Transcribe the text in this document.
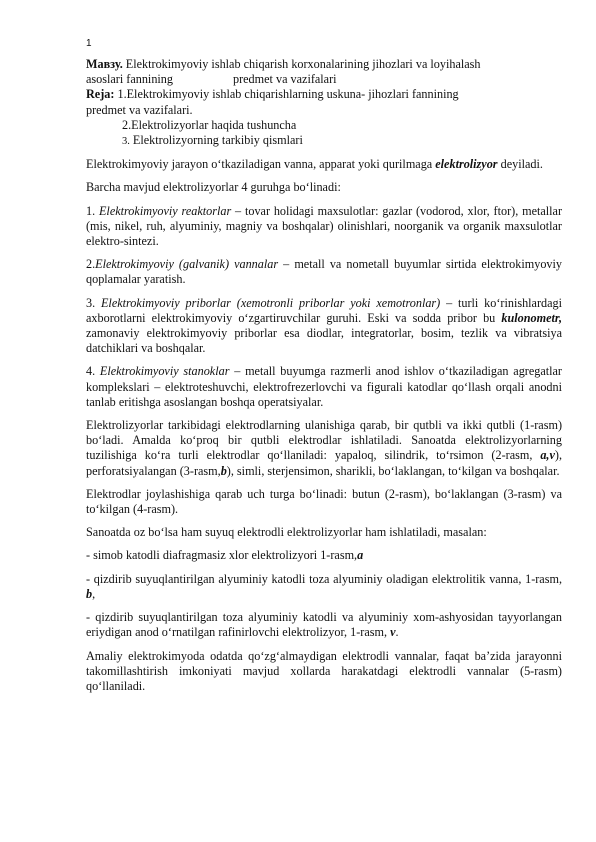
1
Мавзу. Elektrokimyoviy ishlab chiqarish korxonalarining jihozlari va loyihalash
asoslari fannining	predmet va vazifalari
Reja: 1.Elektrokimyoviy ishlab chiqarishlarning uskuna- jihozlari fannining
predmet va vazifalari.
2.Elektrolizyorlar haqida tushuncha
3. Elektrolizyorning tarkibiy qismlari

Elektrokimyoviy jarayon oʻtkaziladigan vanna, apparat yoki qurilmaga elektrolizyor deyiladi.

Barcha mavjud elektrolizyorlar 4 guruhga boʻlinadi:

1. Elektrokimyoviy reaktorlar – tovar holidagi maxsulotlar: gazlar (vodorod, xlor, ftor), metallar (mis, nikel, ruh, alyuminiy, magniy va boshqalar) olinishlari, noorganik va organik maxsulotlar elektro-sintezi.

2.Elektrokimyoviy (galvanik) vannalar – metall va nometall buyumlar sirtida elektrokimyoviy qoplamalar yaratish.

3. Elektrokimyoviy priborlar (xemotronli priborlar yoki xemotronlar) – turli koʻrinishlardagi axborotlarni elektrokimyoviy oʻzgartiruvchilar guruhi. Eski va sodda pribor bu kulonometr, zamonaviy elektrokimyoviy priborlar esa diodlar, integratorlar, bosim, tezlik va vibratsiya datchiklari va boshqalar.

4. Elektrokimyoviy stanoklar – metall buyumga razmerli anod ishlov oʻtkaziladigan agregatlar komplekslari – elektroteshuvchi, elektrofrezerlovchi va figurali katodlar qoʻllash orqali anodni tanlab eritishga asoslangan boshqa operatsiyalar.

Elektrolizyorlar tarkibidagi elektrodlarning ulanishiga qarab, bir qutbli va ikki qutbli (1-rasm) boʻladi. Amalda koʻproq bir qutbli elektrodlar ishlatiladi. Sanoatda elektrolizyorlarning tuzilishiga koʻra turli elektrodlar qoʻllaniladi: yapaloq, silindrik, toʻrsimon (2-rasm, a,v), perforatsiyalangan (3-rasm,b), simli, sterjensimon, sharikli, boʻlaklangan, toʻkilgan va boshqalar.

Elektrodlar joylashishiga qarab uch turga boʻlinadi: butun (2-rasm), boʻlaklangan (3-rasm) va toʻkilgan (4-rasm).

Sanoatda oz boʻlsa ham suyuq elektrodli elektrolizyorlar ham ishlatiladi, masalan:

- simob katodli diafragmasiz xlor elektrolizyori 1-rasm,a

- qizdirib suyuqlantirilgan alyuminiy katodli toza alyuminiy oladigan elektrolitik vanna, 1-rasm, b,

- qizdirib suyuqlantirilgan toza alyuminiy katodli va alyuminiy xom-ashyosidan tayyorlangan eriydigan anod oʻrnatilgan rafinirlovchi elektrolizyor, 1-rasm, v.

Amaliy elektrokimyoda odatda qoʻzgʻalmaydigan elektrodli vannalar, faqat ba’zida jarayonni takomillashtirish imkoniyati mavjud xollarda harakatdagi elektrodli vannalar (5-rasm) qoʻllaniladi.
